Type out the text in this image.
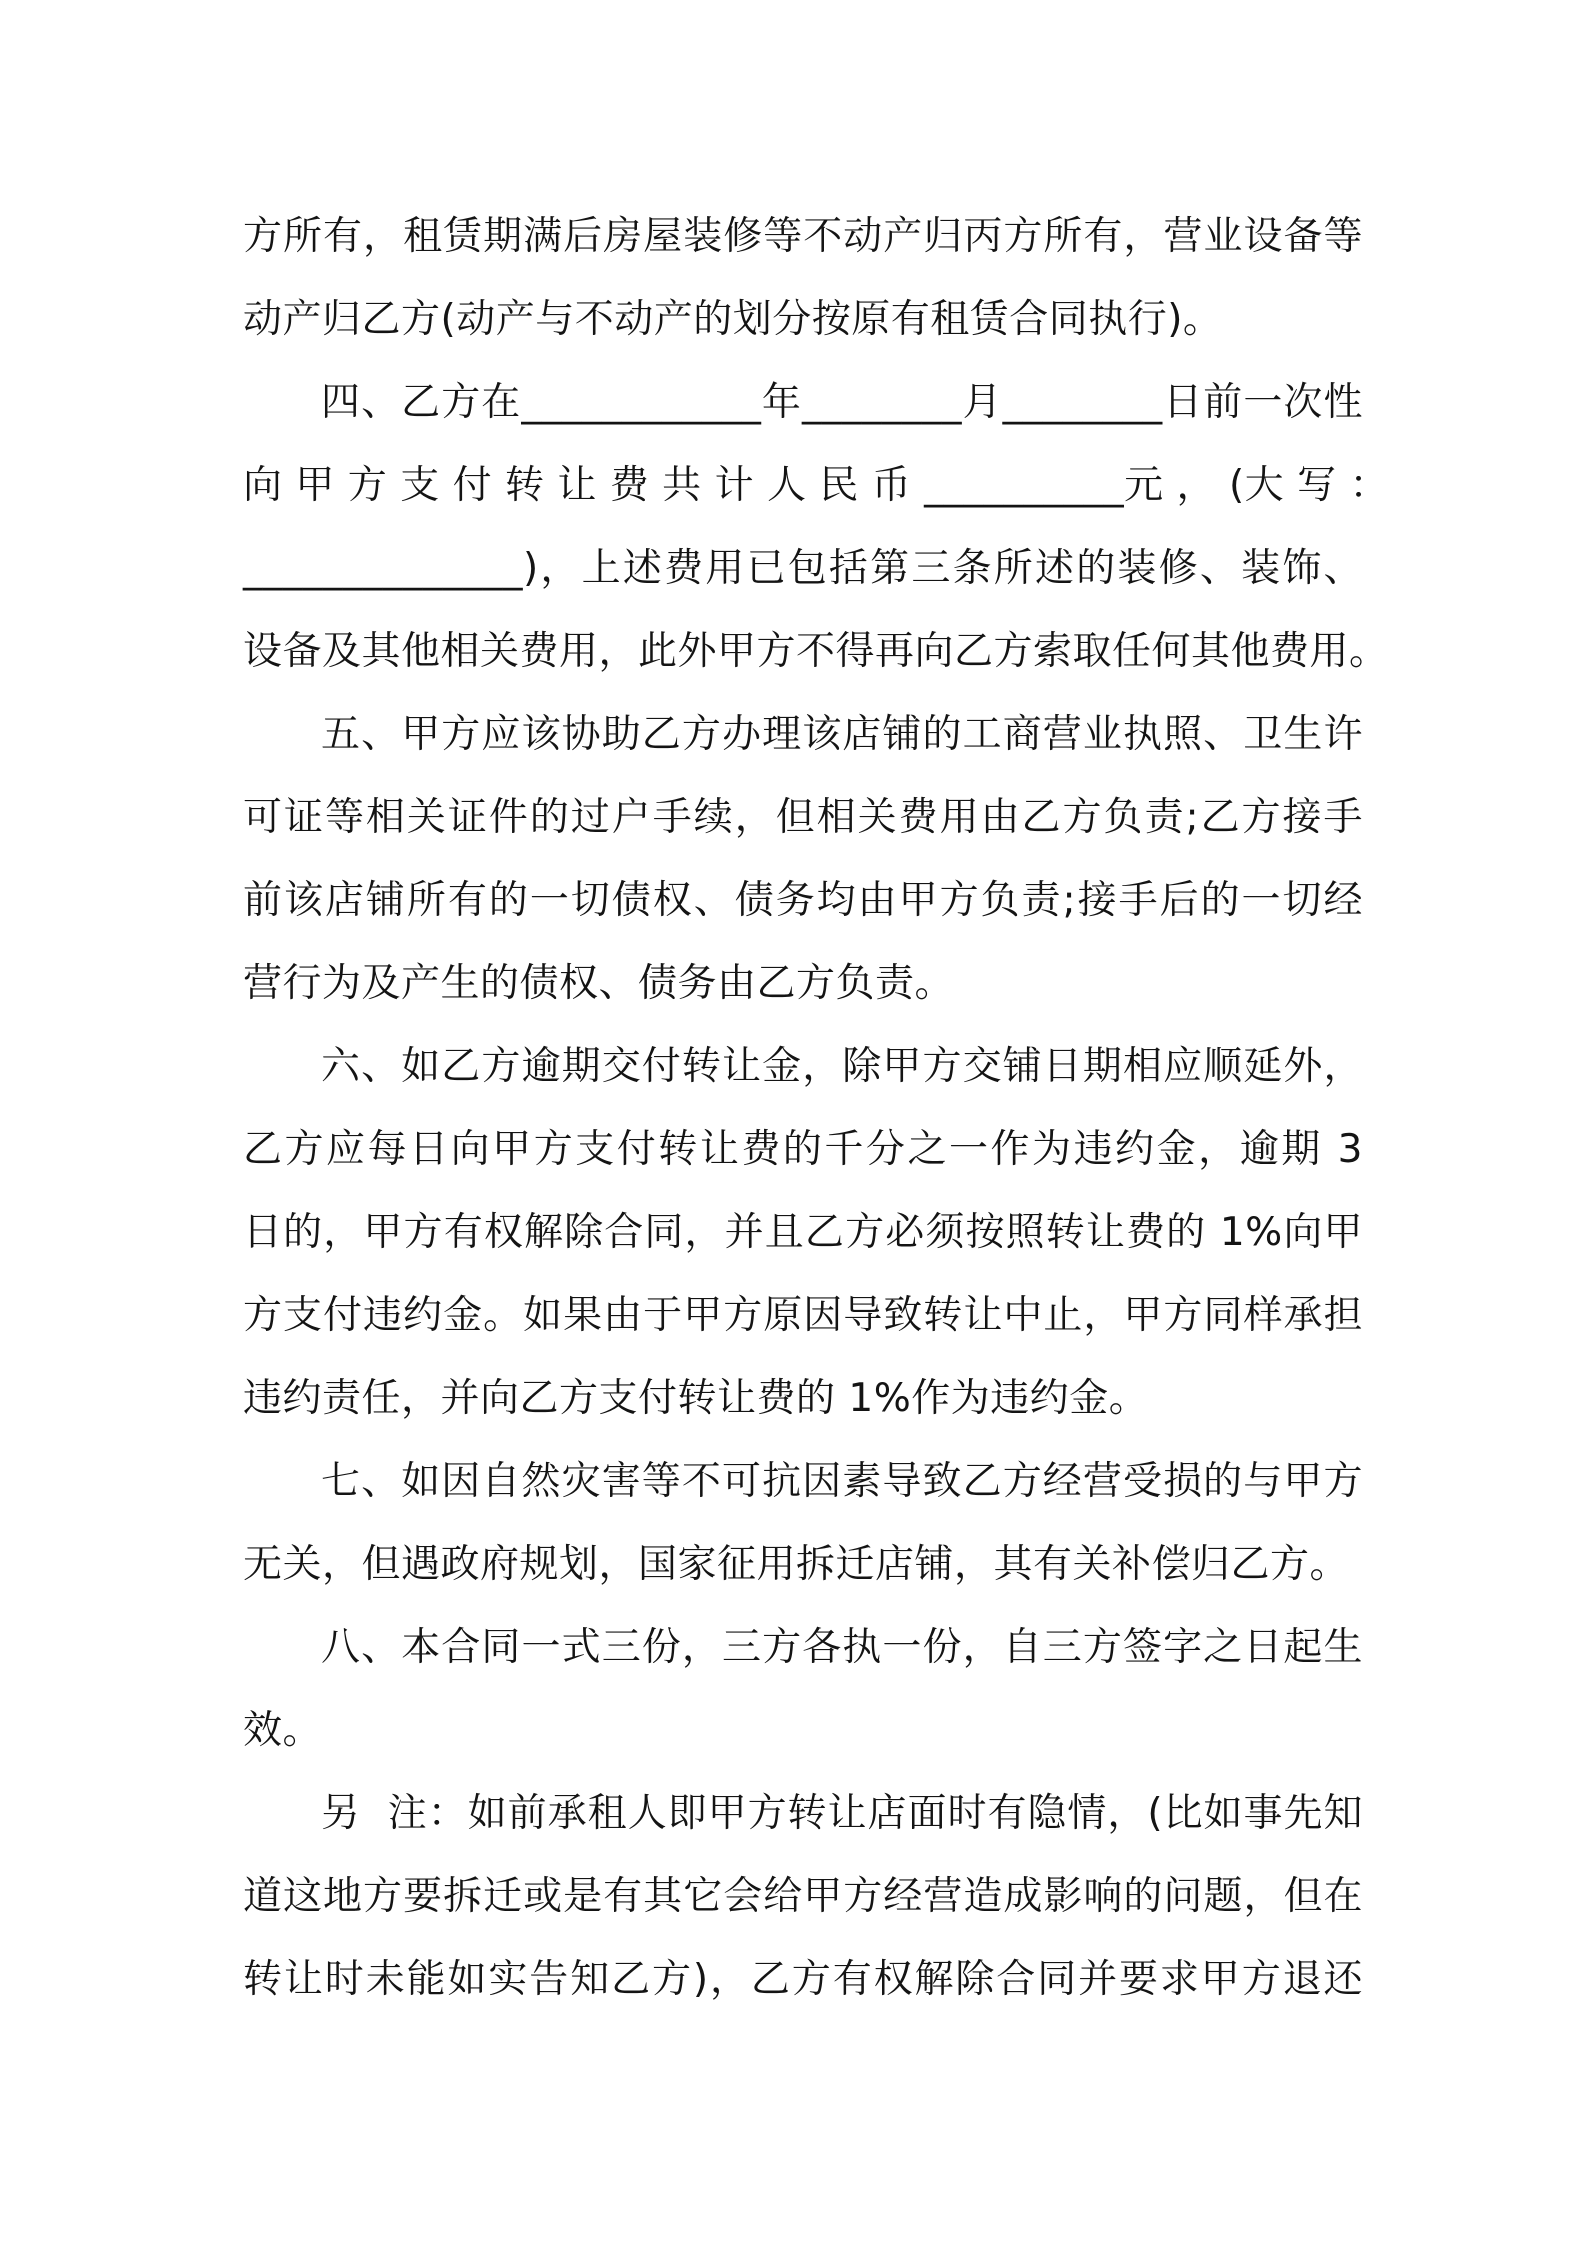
方所有，租赁期满后房屋装修等不动产归丙方所有，营业设备等
动产归乙方(动产与不动产的划分按原有租赁合同执行)。
四、乙方在____________年________月________日前一次性
向 甲 方 支 付 转 让 费 共 计 人 民 币 __________元 ， (大 写 ：
______________)，上述费用已包括第三条所述的装修、装饰、
设备及其他相关费用，此外甲方不得再向乙方索取任何其他费用。
五、甲方应该协助乙方办理该店铺的工商营业执照、卫生许
可证等相关证件的过户手续，但相关费用由乙方负责;乙方接手
前该店铺所有的一切债权、债务均由甲方负责;接手后的一切经
营行为及产生的债权、债务由乙方负责。
六、如乙方逾期交付转让金，除甲方交铺日期相应顺延外，
乙方应每日向甲方支付转让费的千分之一作为违约金，逾期 3
日的，甲方有权解除合同，并且乙方必须按照转让费的 1%向甲
方支付违约金。如果由于甲方原因导致转让中止，甲方同样承担
违约责任，并向乙方支付转让费的 1%作为违约金。
七、如因自然灾害等不可抗因素导致乙方经营受损的与甲方
无关，但遇政府规划，国家征用拆迁店铺，其有关补偿归乙方。
八、本合同一式三份，三方各执一份，自三方签字之日起生
效。
另  注：如前承租人即甲方转让店面时有隐情，(比如事先知
道这地方要拆迁或是有其它会给甲方经营造成影响的问题，但在
转让时未能如实告知乙方)，乙方有权解除合同并要求甲方退还
